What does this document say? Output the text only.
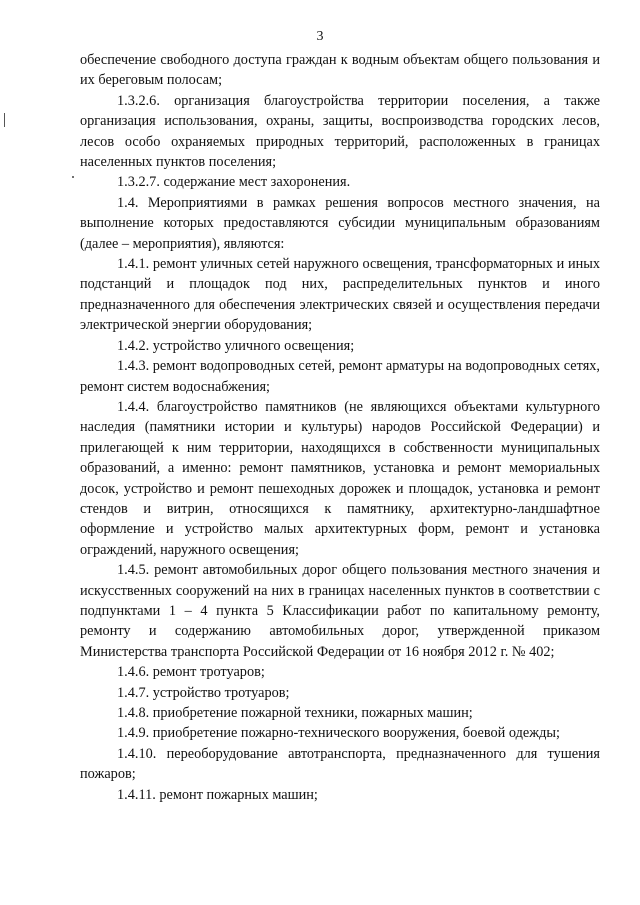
3

обеспечение свободного доступа граждан к водным объектам общего пользования и их береговым полосам;

1.3.2.6. организация благоустройства территории поселения, а также организация использования, охраны, защиты, воспроизводства городских лесов, лесов особо охраняемых природных территорий, расположенных в границах населенных пунктов поселения;

1.3.2.7. содержание мест захоронения.

1.4. Мероприятиями в рамках решения вопросов местного значения, на выполнение которых предоставляются субсидии муниципальным образованиям (далее – мероприятия), являются:

1.4.1. ремонт уличных сетей наружного освещения, трансформаторных и иных подстанций и площадок под них, распределительных пунктов и иного предназначенного для обеспечения электрических связей и осуществления передачи электрической энергии оборудования;

1.4.2. устройство уличного освещения;

1.4.3. ремонт водопроводных сетей, ремонт арматуры на водопроводных сетях, ремонт систем водоснабжения;

1.4.4. благоустройство памятников (не являющихся объектами культурного наследия (памятники истории и культуры) народов Российской Федерации) и прилегающей к ним территории, находящихся в собственности муниципальных образований, а именно: ремонт памятников, установка и ремонт мемориальных досок, устройство и ремонт пешеходных дорожек и площадок, установка и ремонт стендов и витрин, относящихся к памятнику, архитектурно-ландшафтное оформление и устройство малых архитектурных форм, ремонт и установка ограждений, наружного освещения;

1.4.5. ремонт автомобильных дорог общего пользования местного значения и искусственных сооружений на них в границах населенных пунктов в соответствии с подпунктами 1 – 4 пункта 5 Классификации работ по капитальному ремонту, ремонту и содержанию автомобильных дорог, утвержденной приказом Министерства транспорта Российской Федерации от 16 ноября 2012 г. № 402;

1.4.6. ремонт тротуаров;

1.4.7. устройство тротуаров;

1.4.8. приобретение пожарной техники, пожарных машин;

1.4.9. приобретение пожарно-технического вооружения, боевой одежды;

1.4.10. переоборудование автотранспорта, предназначенного для тушения пожаров;

1.4.11. ремонт пожарных машин;
